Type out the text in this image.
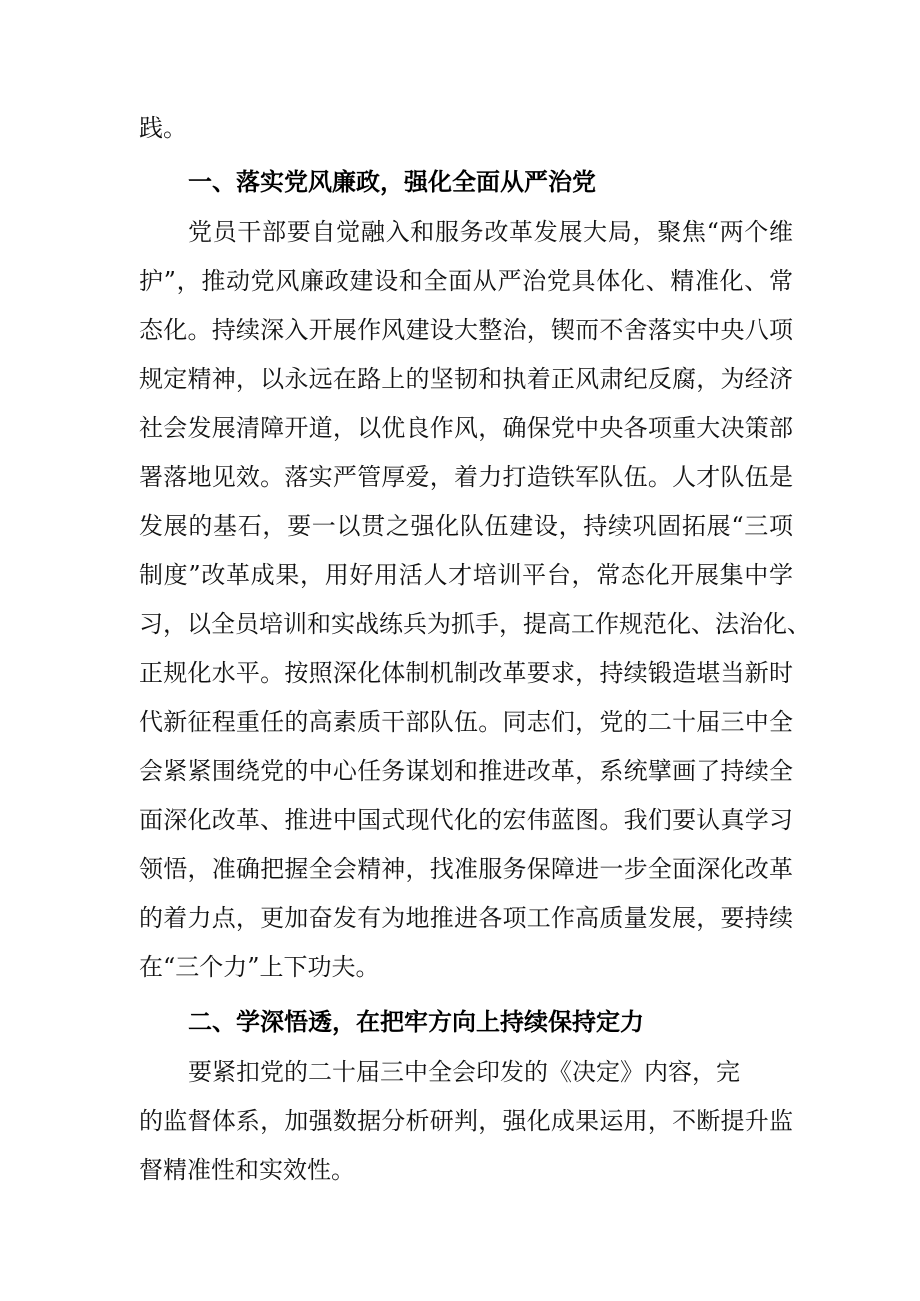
践。

一、落实党风廉政，强化全面从严治党

党员干部要自觉融入和服务改革发展大局，聚焦“两个维

护”，推动党风廉政建设和全面从严治党具体化、精准化、常

态化。持续深入开展作风建设大整治，锲而不舍落实中央八项

规定精神，以永远在路上的坚韧和执着正风肃纪反腐，为经济

社会发展清障开道，以优良作风，确保党中央各项重大决策部

署落地见效。落实严管厚爱，着力打造铁军队伍。人才队伍是

发展的基石，要一以贯之强化队伍建设，持续巩固拓展“三项

制度”改革成果，用好用活人才培训平台，常态化开展集中学

习，以全员培训和实战练兵为抓手，提高工作规范化、法治化、

正规化水平。按照深化体制机制改革要求，持续锻造堪当新时

代新征程重任的高素质干部队伍。同志们，党的二十届三中全

会紧紧围绕党的中心任务谋划和推进改革，系统擘画了持续全

面深化改革、推进中国式现代化的宏伟蓝图。我们要认真学习

领悟，准确把握全会精神，找准服务保障进一步全面深化改革

的着力点，更加奋发有为地推进各项工作高质量发展，要持续

在“三个力”上下功夫。

二、学深悟透，在把牢方向上持续保持定力

要紧扣党的二十届三中全会印发的《决定》内容，完

的监督体系，加强数据分析研判，强化成果运用，不断提升监

督精准性和实效性。
